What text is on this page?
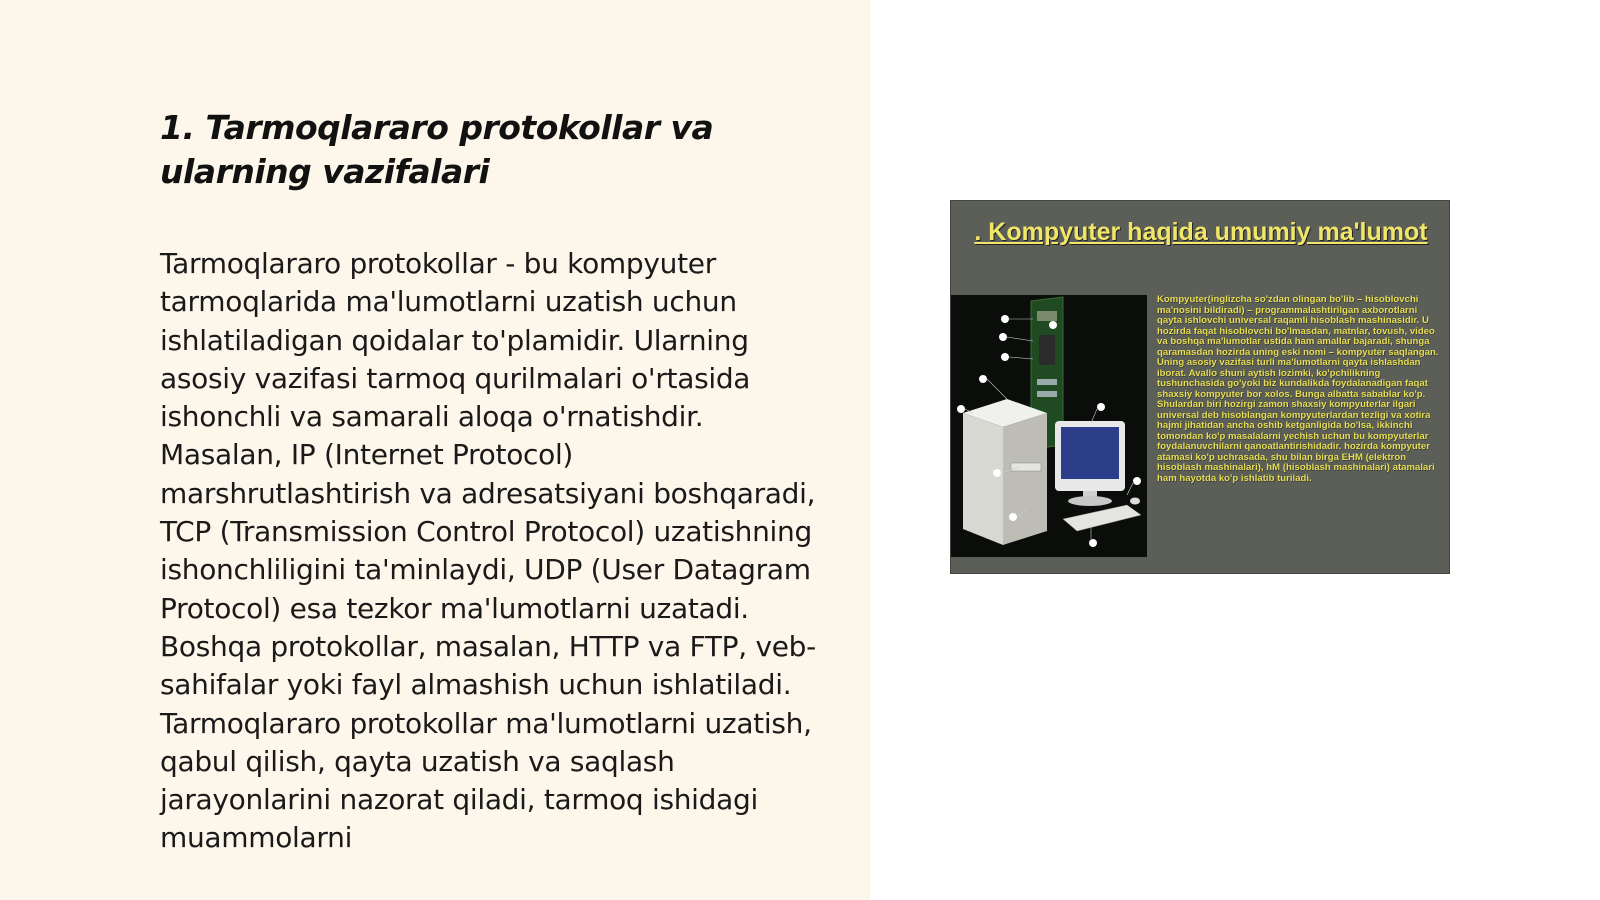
1. Tarmoqlararo protokollar va ularning vazifalari

Tarmoqlararo protokollar - bu kompyuter tarmoqlarida ma'lumotlarni uzatish uchun ishlatiladigan qoidalar to'plamidir. Ularning asosiy vazifasi tarmoq qurilmalari o'rtasida ishonchli va samarali aloqa o'rnatishdir. Masalan, IP (Internet Protocol) marshrutlashtirish va adresatsiyani boshqaradi, TCP (Transmission Control Protocol) uzatishning ishonchliligini ta'minlaydi, UDP (User Datagram Protocol) esa tezkor ma'lumotlarni uzatadi. Boshqa protokollar, masalan, HTTP va FTP, veb-sahifalar yoki fayl almashish uchun ishlatiladi. Tarmoqlararo protokollar ma'lumotlarni uzatish, qabul qilish, qayta uzatish va saqlash jarayonlarini nazorat qiladi, tarmoq ishidagi muammolarni

. Kompyuter haqida umumiy ma'lumot
Kompyuter(inglizcha so'zdan olingan bo'lib – hisoblovchi ma'nosini bildiradi) – programmalashtirilgan axborotlarni qayta ishlovchi universal raqamli hisoblash mashinasidir. U hozirda faqat hisoblovchi bo'lmasdan, matnlar, tovush, video va boshqa ma'lumotlar ustida ham amallar bajaradi, shunga qaramasdan hozirda uning eski nomi – kompyuter saqlangan. Uning asosiy vazifasi turli ma'lumotlarni qayta ishlashdan iborat. Avallo shuni aytish lozimki, ko'pchilikning tushunchasida go'yoki biz kundalikda foydalanadigan faqat shaxsiy kompyuter bor xolos. Bunga albatta sabablar ko'p. Shulardan biri hozirgi zamon shaxsiy kompyuterlar ilgari universal deb hisoblangan kompyuterlardan tezligi va xotira hajmi jihatidan ancha oshib ketganligida bo'lsa, ikkinchi tomondan ko'p masalalarni yechish uchun bu kompyuterlar foydalanuvchilarni qanoatlantirishidadir. hozirda kompyuter atamasi ko'p uchrasada, shu bilan birga EHM (elektron hisoblash mashinalari), hM (hisoblash mashinalari) atamalari ham hayotda ko'p ishlatib turiladi.
